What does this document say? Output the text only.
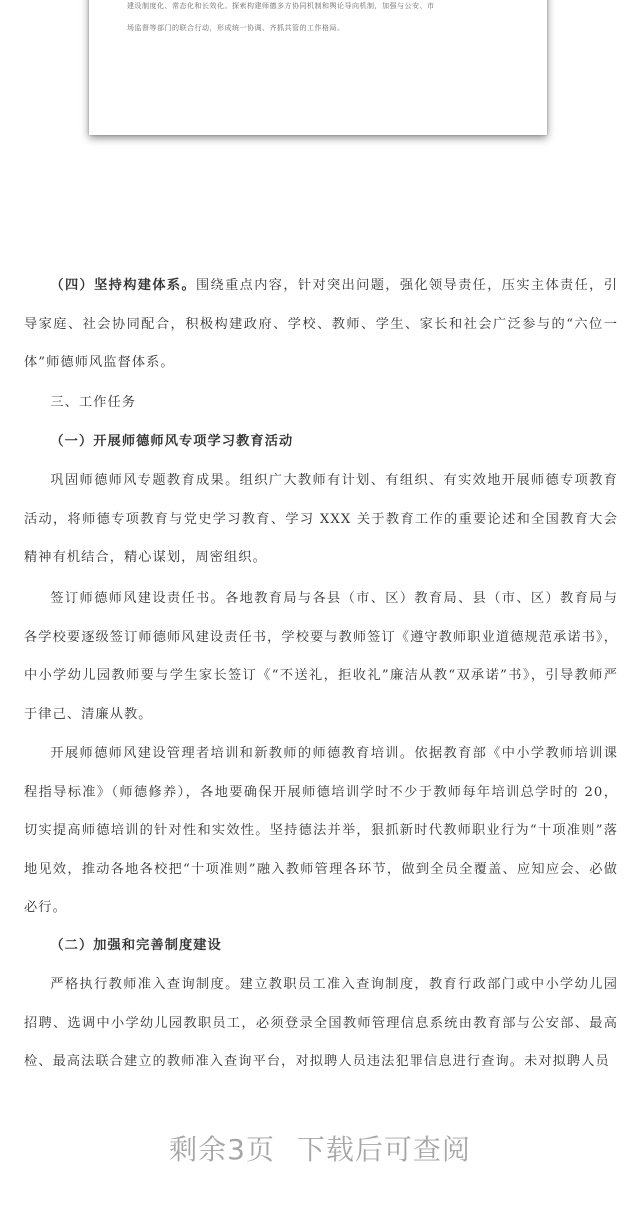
建设制度化、常态化和长效化。探索构建师德多方协同机制和舆论导向机制，加强与公安、市
场监督等部门的联合行动，形成统一协调、齐抓共管的工作格局。
（四）坚持构建体系。围绕重点内容，针对突出问题，强化领导责任，压实主体责任，引导家庭、社会协同配合，积极构建政府、学校、教师、学生、家长和社会广泛参与的“六位一体”师德师风监督体系。
三、工作任务
（一）开展师德师风专项学习教育活动
巩固师德师风专题教育成果。组织广大教师有计划、有组织、有实效地开展师德专项教育活动，将师德专项教育与党史学习教育、学习 XXX 关于教育工作的重要论述和全国教育大会精神有机结合，精心谋划，周密组织。
签订师德师风建设责任书。各地教育局与各县（市、区）教育局、县（市、区）教育局与各学校要逐级签订师德师风建设责任书，学校要与教师签订《遵守教师职业道德规范承诺书》，中小学幼儿园教师要与学生家长签订《“不送礼，拒收礼”廉洁从教“双承诺”书》，引导教师严于律己、清廉从教。
开展师德师风建设管理者培训和新教师的师德教育培训。依据教育部《中小学教师培训课程指导标准》（师德修养），各地要确保开展师德培训学时不少于教师每年培训总学时的 20，切实提高师德培训的针对性和实效性。坚持德法并举，狠抓新时代教师职业行为“十项准则”落地见效，推动各地各校把“十项准则”融入教师管理各环节，做到全员全覆盖、应知应会、必做必行。
（二）加强和完善制度建设
严格执行教师准入查询制度。建立教职员工准入查询制度，教育行政部门或中小学幼儿园招聘、选调中小学幼儿园教职员工，必须登录全国教师管理信息系统由教育部与公安部、最高检、最高法联合建立的教师准入查询平台，对拟聘人员违法犯罪信息进行查询。未对拟聘人员
剩余3页 下载后可查阅
